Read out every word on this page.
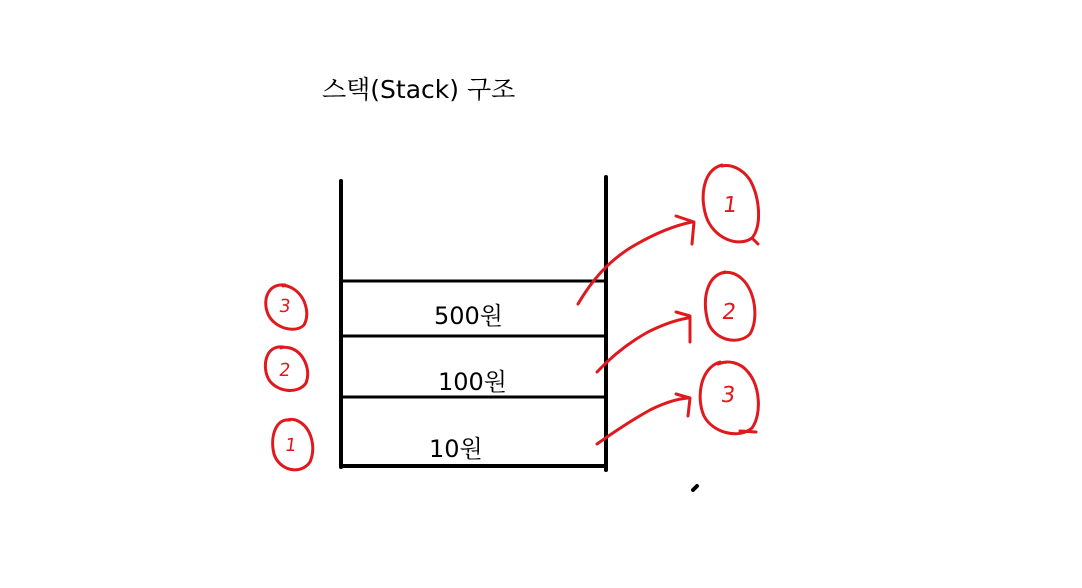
스택(Stack) 구조
500원
100원
10원
3
2
1
1
2
3
